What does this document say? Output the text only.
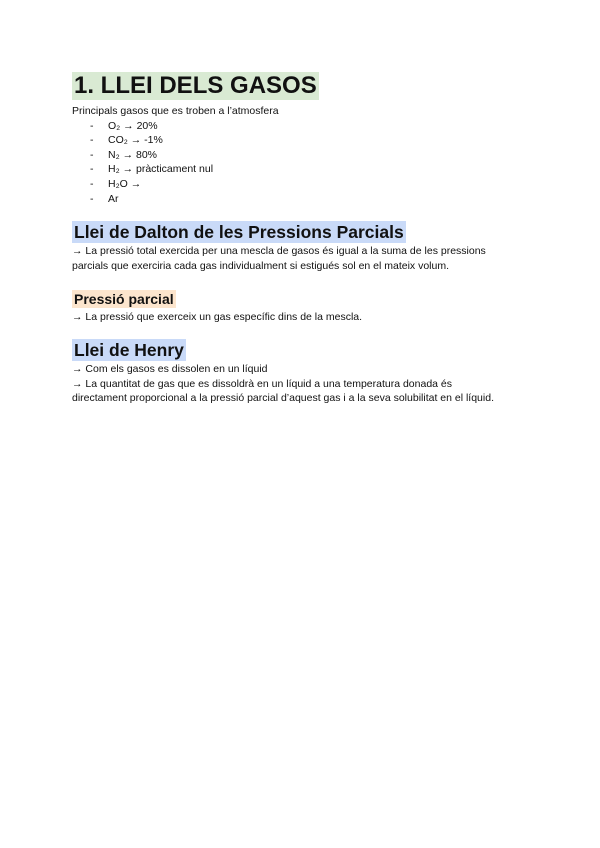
1. LLEI DELS GASOS
Principals gasos que es troben a l’atmosfera
- O₂ → 20%
- CO₂ → -1%
- N₂ → 80%
- H₂ → pràcticament nul
- H₂O →
- Ar
Llei de Dalton de les Pressions Parcials
→ La pressió total exercida per una mescla de gasos és igual a la suma de les pressions
parcials que exerciria cada gas individualment si estigués sol en el mateix volum.
Pressió parcial
→ La pressió que exerceix un gas específic dins de la mescla.
Llei de Henry
→ Com els gasos es dissolen en un líquid
→ La quantitat de gas que es dissoldrà en un líquid a una temperatura donada és
directament proporcional a la pressió parcial d’aquest gas i a la seva solubilitat en el líquid.
